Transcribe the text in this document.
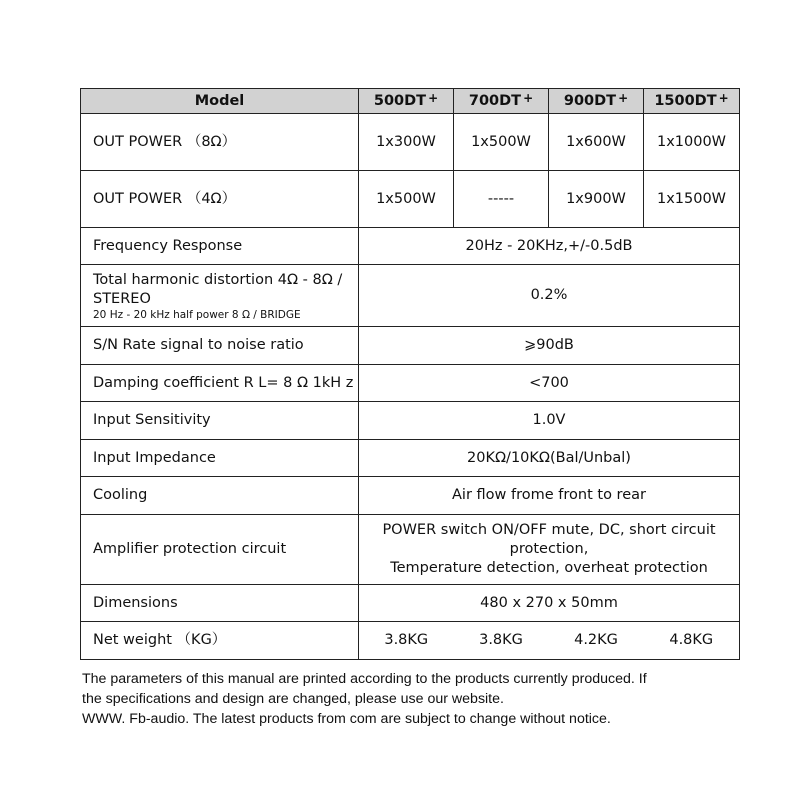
Model	500DT +	700DT +	900DT +	1500DT +
OUT POWER （8Ω）	1x300W	1x500W	1x600W	1x1000W
OUT POWER （4Ω）	1x500W	-----	1x900W	1x1500W
Frequency Response	20Hz - 20KHz,+/-0.5dB			

Total harmonic distortion 4Ω - 8Ω /
STEREO
20 Hz - 20 kHz half power 8 Ω / BRIDGE	0.2%			
S/N Rate signal to noise ratio	⩾90dB			
Damping coefficient R L= 8 Ω 1kH z	<700			
Input Sensitivity	1.0V			
Input Impedance	20KΩ/10KΩ(Bal/Unbal)			
Cooling	Air flow frome front to rear			
Amplifier protection circuit	POWER switch ON/OFF mute, DC, short circuit
protection,
Temperature detection, overheat protection			

Dimensions	480 x 270 x 50mm			
Net weight （KG）	3.8KG	3.8KG	4.2KG	4.8KG

The parameters of this manual are printed according to the products currently produced. If

the specifications and design are changed, please use our website.

WWW. Fb-audio. The latest products from com are subject to change without notice.
